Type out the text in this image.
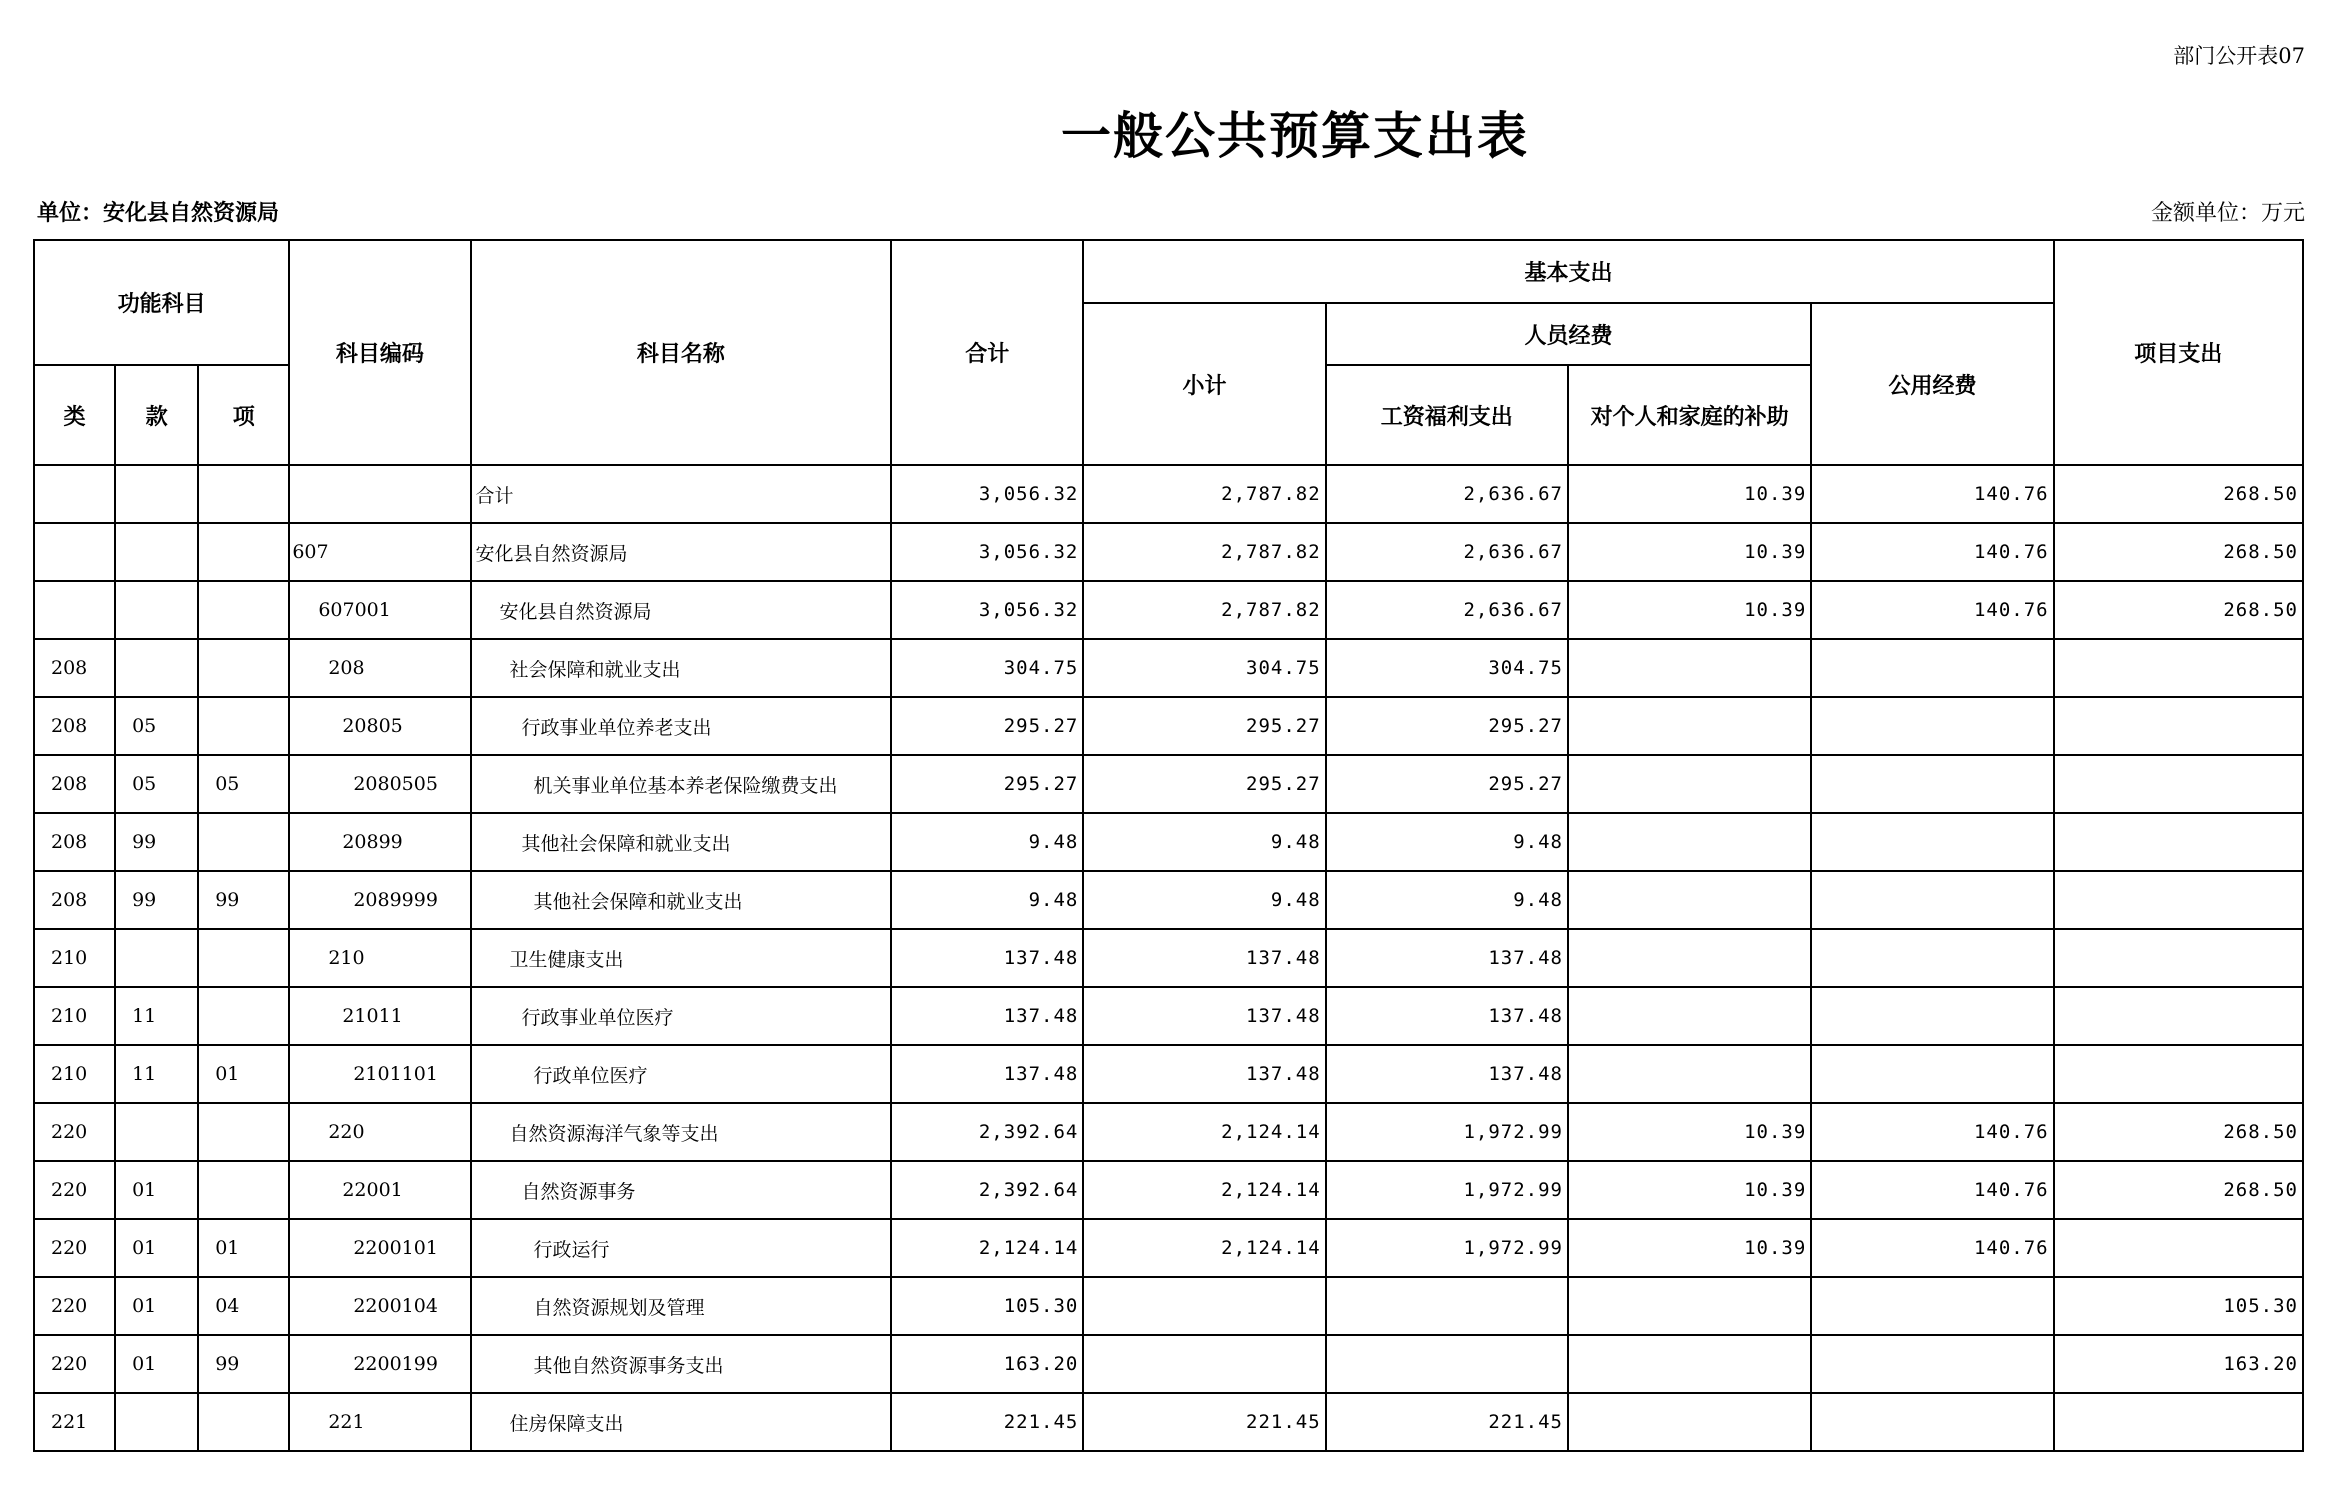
部门公开表07
一般公共预算支出表
单位：安化县自然资源局	金额单位：万元
功能科目			科目编码	科目名称	合计	基本支出				项目支出
						小计	人员经费		公用经费	
类	款	项					工资福利支出	对个人和家庭的补助		
				合计	3,056.32	2,787.82	2,636.67	10.39	140.76	268.50
			607	安化县自然资源局	3,056.32	2,787.82	2,636.67	10.39	140.76	268.50
			607001	安化县自然资源局	3,056.32	2,787.82	2,636.67	10.39	140.76	268.50
208			208	社会保障和就业支出	304.75	304.75	304.75			
208	05		20805	行政事业单位养老支出	295.27	295.27	295.27			
208	05	05	2080505	机关事业单位基本养老保险缴费支出	295.27	295.27	295.27			
208	99		20899	其他社会保障和就业支出	9.48	9.48	9.48			
208	99	99	2089999	其他社会保障和就业支出	9.48	9.48	9.48			
210			210	卫生健康支出	137.48	137.48	137.48			
210	11		21011	行政事业单位医疗	137.48	137.48	137.48			
210	11	01	2101101	行政单位医疗	137.48	137.48	137.48			
220			220	自然资源海洋气象等支出	2,392.64	2,124.14	1,972.99	10.39	140.76	268.50
220	01		22001	自然资源事务	2,392.64	2,124.14	1,972.99	10.39	140.76	268.50
220	01	01	2200101	行政运行	2,124.14	2,124.14	1,972.99	10.39	140.76	
220	01	04	2200104	自然资源规划及管理	105.30					105.30
220	01	99	2200199	其他自然资源事务支出	163.20					163.20
221			221	住房保障支出	221.45	221.45	221.45			
